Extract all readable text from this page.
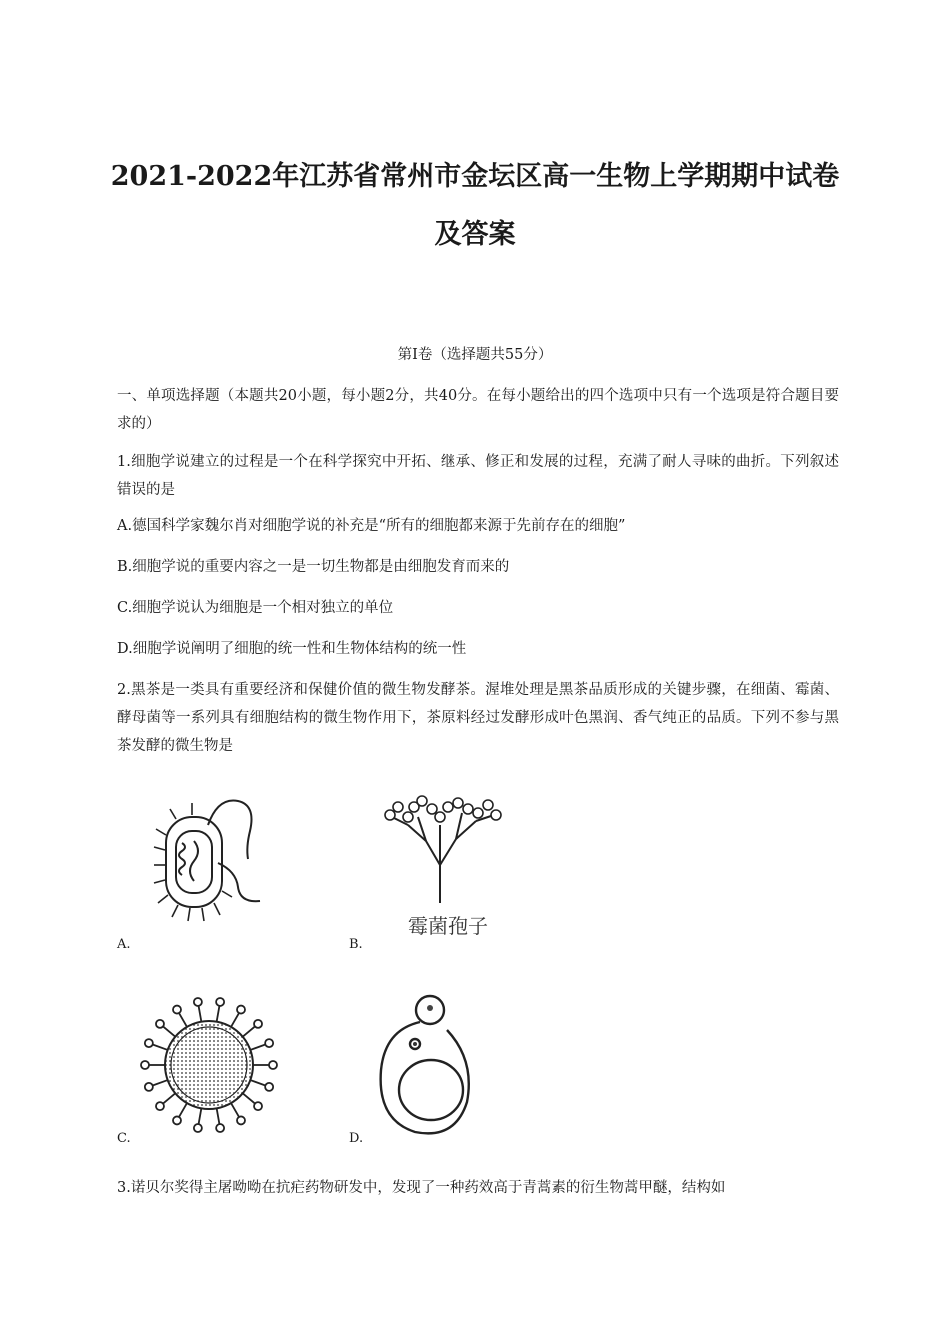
2021-2022年江苏省常州市金坛区高一生物上学期期中试卷及答案
第I卷（选择题共55分）
一、单项选择题（本题共20小题，每小题2分，共40分。在每小题给出的四个选项中只有一个选项是符合题目要求的）
1.细胞学说建立的过程是一个在科学探究中开拓、继承、修正和发展的过程，充满了耐人寻味的曲折。下列叙述错误的是
A.德国科学家魏尔肖对细胞学说的补充是“所有的细胞都来源于先前存在的细胞”
B.细胞学说的重要内容之一是一切生物都是由细胞发育而来的
C.细胞学说认为细胞是一个相对独立的单位
D.细胞学说阐明了细胞的统一性和生物体结构的统一性
2.黑茶是一类具有重要经济和保健价值的微生物发酵茶。渥堆处理是黑茶品质形成的关键步骤，在细菌、霉菌、酵母菌等一系列具有细胞结构的微生物作用下，茶原料经过发酵形成叶色黑润、香气纯正的品质。下列不参与黑茶发酵的微生物是
A.
霉菌孢子
B.
C.	D.
3.诺贝尔奖得主屠呦呦在抗疟药物研发中，发现了一种药效高于青蒿素的衍生物蒿甲醚，结构如
